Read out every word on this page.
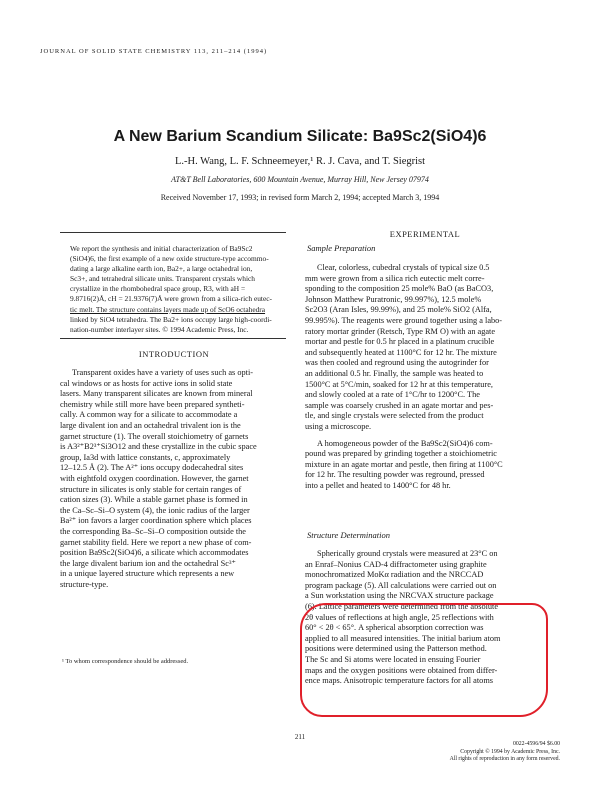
JOURNAL OF SOLID STATE CHEMISTRY 113, 211–214 (1994)
A New Barium Scandium Silicate: Ba9Sc2(SiO4)6
L.-H. Wang, L. F. Schneemeyer,¹ R. J. Cava, and T. Siegrist
AT&T Bell Laboratories, 600 Mountain Avenue, Murray Hill, New Jersey 07974
Received November 17, 1993; in revised form March 2, 1994; accepted March 3, 1994
We report the synthesis and initial characterization of Ba9Sc2
(SiO4)6, the first example of a new oxide structure-type accommo-
dating a large alkaline earth ion, Ba2+, a large octahedral ion,
Sc3+, and tetrahedral silicate units. Transparent crystals which
crystallize in the rhombohedral space group, R3, with aH =
9.8716(2)Å, cH = 21.9376(7)Å were grown from a silica-rich eutec-
tic melt. The structure contains layers made up of ScO6 octahedra
linked by SiO4 tetrahedra. The Ba2+ ions occupy large high-coordi-
nation-number interlayer sites. © 1994 Academic Press, Inc.
INTRODUCTION
Transparent oxides have a variety of uses such as opti-
cal windows or as hosts for active ions in solid state
lasers. Many transparent silicates are known from mineral
chemistry while still more have been prepared syntheti-
cally. A common way for a silicate to accommodate a
large divalent ion and an octahedral trivalent ion is the
garnet structure (1). The overall stoichiometry of garnets
is A3²⁺B2³⁺Si3O12 and these crystallize in the cubic space
group, Ia3d with lattice constants, c, approximately
12–12.5 Å (2). The A²⁺ ions occupy dodecahedral sites
with eightfold oxygen coordination. However, the garnet
structure in silicates is only stable for certain ranges of
cation sizes (3). While a stable garnet phase is formed in
the Ca–Sc–Si–O system (4), the ionic radius of the larger
Ba²⁺ ion favors a larger coordination sphere which places
the corresponding Ba–Sc–Si–O composition outside the
garnet stability field. Here we report a new phase of com-
position Ba9Sc2(SiO4)6, a silicate which accommodates
the large divalent barium ion and the octahedral Sc³⁺
in a unique layered structure which represents a new
structure-type.
¹ To whom correspondence should be addressed.
EXPERIMENTAL
Sample Preparation
Clear, colorless, cubedral crystals of typical size 0.5
mm were grown from a silica rich eutectic melt corre-
sponding to the composition 25 mole% BaO (as BaCO3,
Johnson Matthew Puratronic, 99.997%), 12.5 mole%
Sc2O3 (Aran Isles, 99.99%), and 25 mole% SiO2 (Alfa,
99.995%). The reagents were ground together using a labo-
ratory mortar grinder (Retsch, Type RM O) with an agate
mortar and pestle for 0.5 hr placed in a platinum crucible
and subsequently heated at 1100°C for 12 hr. The mixture
was then cooled and reground using the autogrinder for
an additional 0.5 hr. Finally, the sample was heated to
1500°C at 5°C/min, soaked for 12 hr at this temperature,
and slowly cooled at a rate of 1°C/hr to 1200°C. The
sample was coarsely crushed in an agate mortar and pes-
tle, and single crystals were selected from the product
using a microscope.
A homogeneous powder of the Ba9Sc2(SiO4)6 com-
pound was prepared by grinding together a stoichiometric
mixture in an agate mortar and pestle, then firing at 1100°C
for 12 hr. The resulting powder was reground, pressed
into a pellet and heated to 1400°C for 48 hr.
Structure Determination
Spherically ground crystals were measured at 23°C on
an Enraf–Nonius CAD-4 diffractometer using graphite
monochromatized MoKα radiation and the NRCCAD
program package (5). All calculations were carried out on
a Sun workstation using the NRCVAX structure package
(6). Lattice parameters were determined from the absolute
2θ values of reflections at high angle, 25 reflections with
60° < 2θ < 65°. A spherical absorption correction was
applied to all measured intensities. The initial barium atom
positions were determined using the Patterson method.
The Sc and Si atoms were located in ensuing Fourier
maps and the oxygen positions were obtained from differ-
ence maps. Anisotropic temperature factors for all atoms
211
0022-4596/94 $6.00
Copyright © 1994 by Academic Press, Inc.
All rights of reproduction in any form reserved.
